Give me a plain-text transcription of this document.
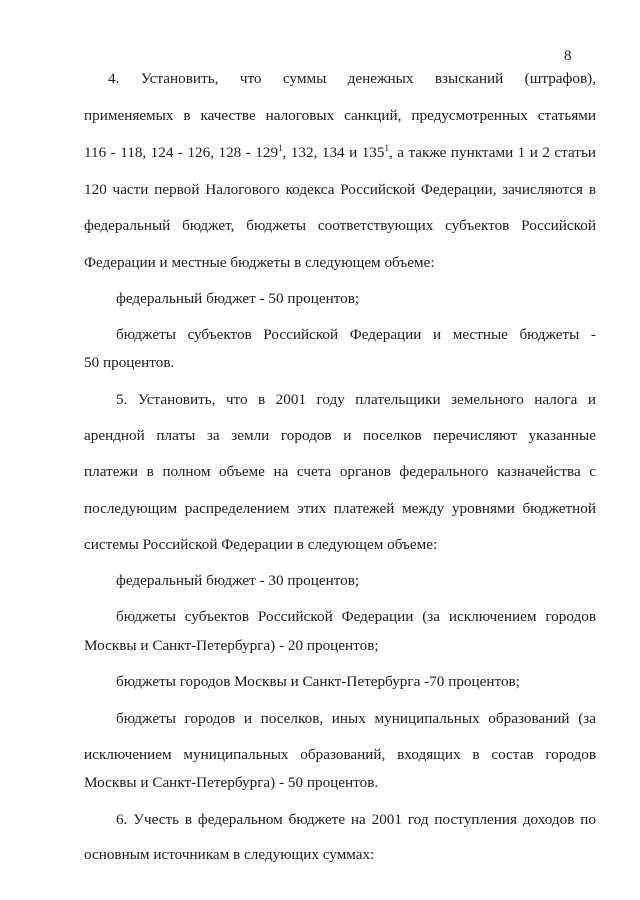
8
4. Установить, что суммы денежных взысканий (штрафов),
применяемых в качестве налоговых санкций, предусмотренных статьями
116 - 118, 124 - 126, $128 - 129^1$, 132, 134 и $135^1$, а также пунктами 1 и 2 статьи
120 части первой Налогового кодекса Российской Федерации, зачисляются в
федеральный бюджет, бюджеты соответствующих субъектов Российской
Федерации и местные бюджеты в следующем объеме:
федеральный бюджет - 50 процентов;
бюджеты субъектов Российской Федерации и местные бюджеты -
50 процентов.
5. Установить, что в 2001 году плательщики земельного налога и
арендной платы за земли городов и поселков перечисляют указанные
платежи в полном объеме на счета органов федерального казначейства с
последующим распределением этих платежей между уровнями бюджетной
системы Российской Федерации в следующем объеме:
федеральный бюджет - 30 процентов;
бюджеты субъектов Российской Федерации (за исключением городов
Москвы и Санкт-Петербурга) - 20 процентов;
бюджеты городов Москвы и Санкт-Петербурга -70 процентов;
бюджеты городов и поселков, иных муниципальных образований (за
исключением муниципальных образований, входящих в состав городов
Москвы и Санкт-Петербурга) - 50 процентов.
6. Учесть в федеральном бюджете на 2001 год поступления доходов по
основным источникам в следующих суммах:
